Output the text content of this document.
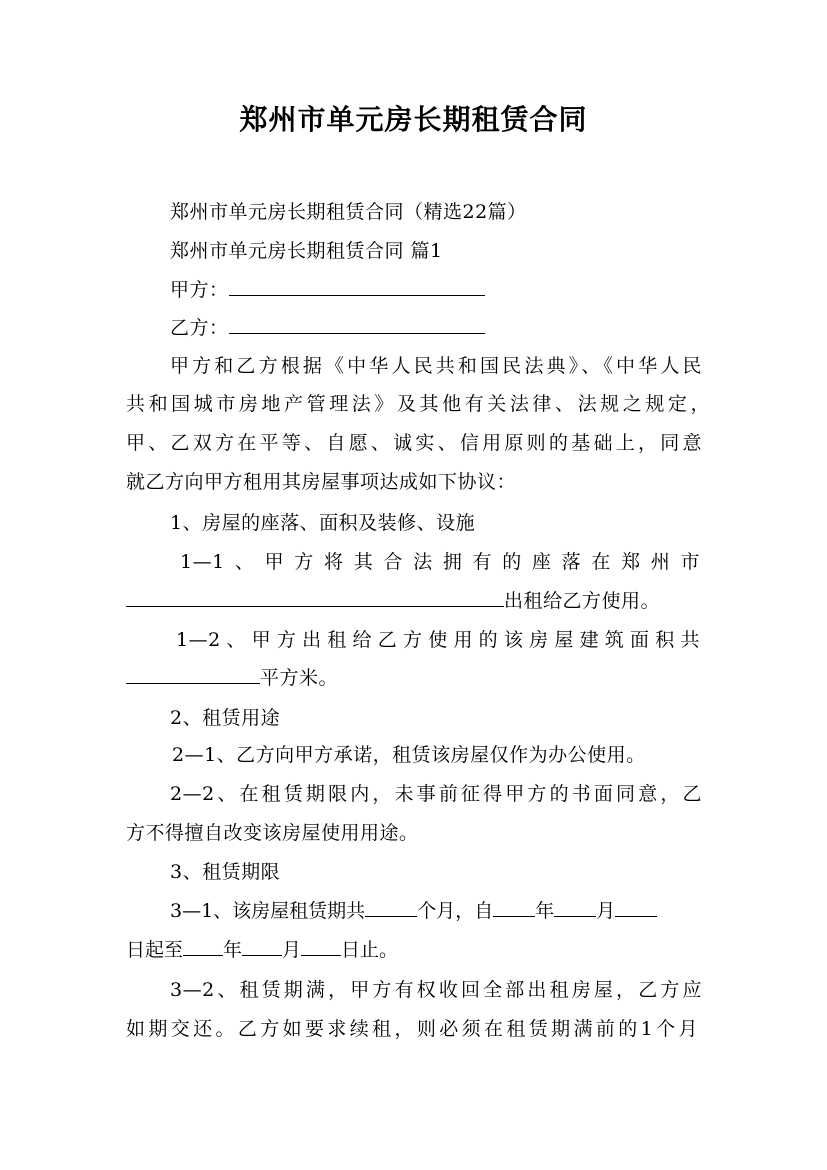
郑州市单元房长期租赁合同
郑州市单元房长期租赁合同（精选22篇）
郑州市单元房长期租赁合同 篇1
甲方：
乙方：
甲方和乙方根据《中华人民共和国民法典》、《中华人民
共和国城市房地产管理法》及其他有关法律、法规之规定，
甲、乙双方在平等、自愿、诚实、信用原则的基础上，同意
就乙方向甲方租用其房屋事项达成如下协议：
1、房屋的座落、面积及装修、设施
1—1、甲方将其合法拥有的座落在郑州市
出租给乙方使用。
1—2、甲方出租给乙方使用的该房屋建筑面积共
平方米。
2、租赁用途
2—1、乙方向甲方承诺，租赁该房屋仅作为办公使用。
2—2、在租赁期限内，未事前征得甲方的书面同意，乙
方不得擅自改变该房屋使用用途。
3、租赁期限
3—1、该房屋租赁期共	个月，自 年 月
日起至 年 月 日止。
3—2、租赁期满，甲方有权收回全部出租房屋，乙方应
如期交还。乙方如要求续租，则必须在租赁期满前的1个月
